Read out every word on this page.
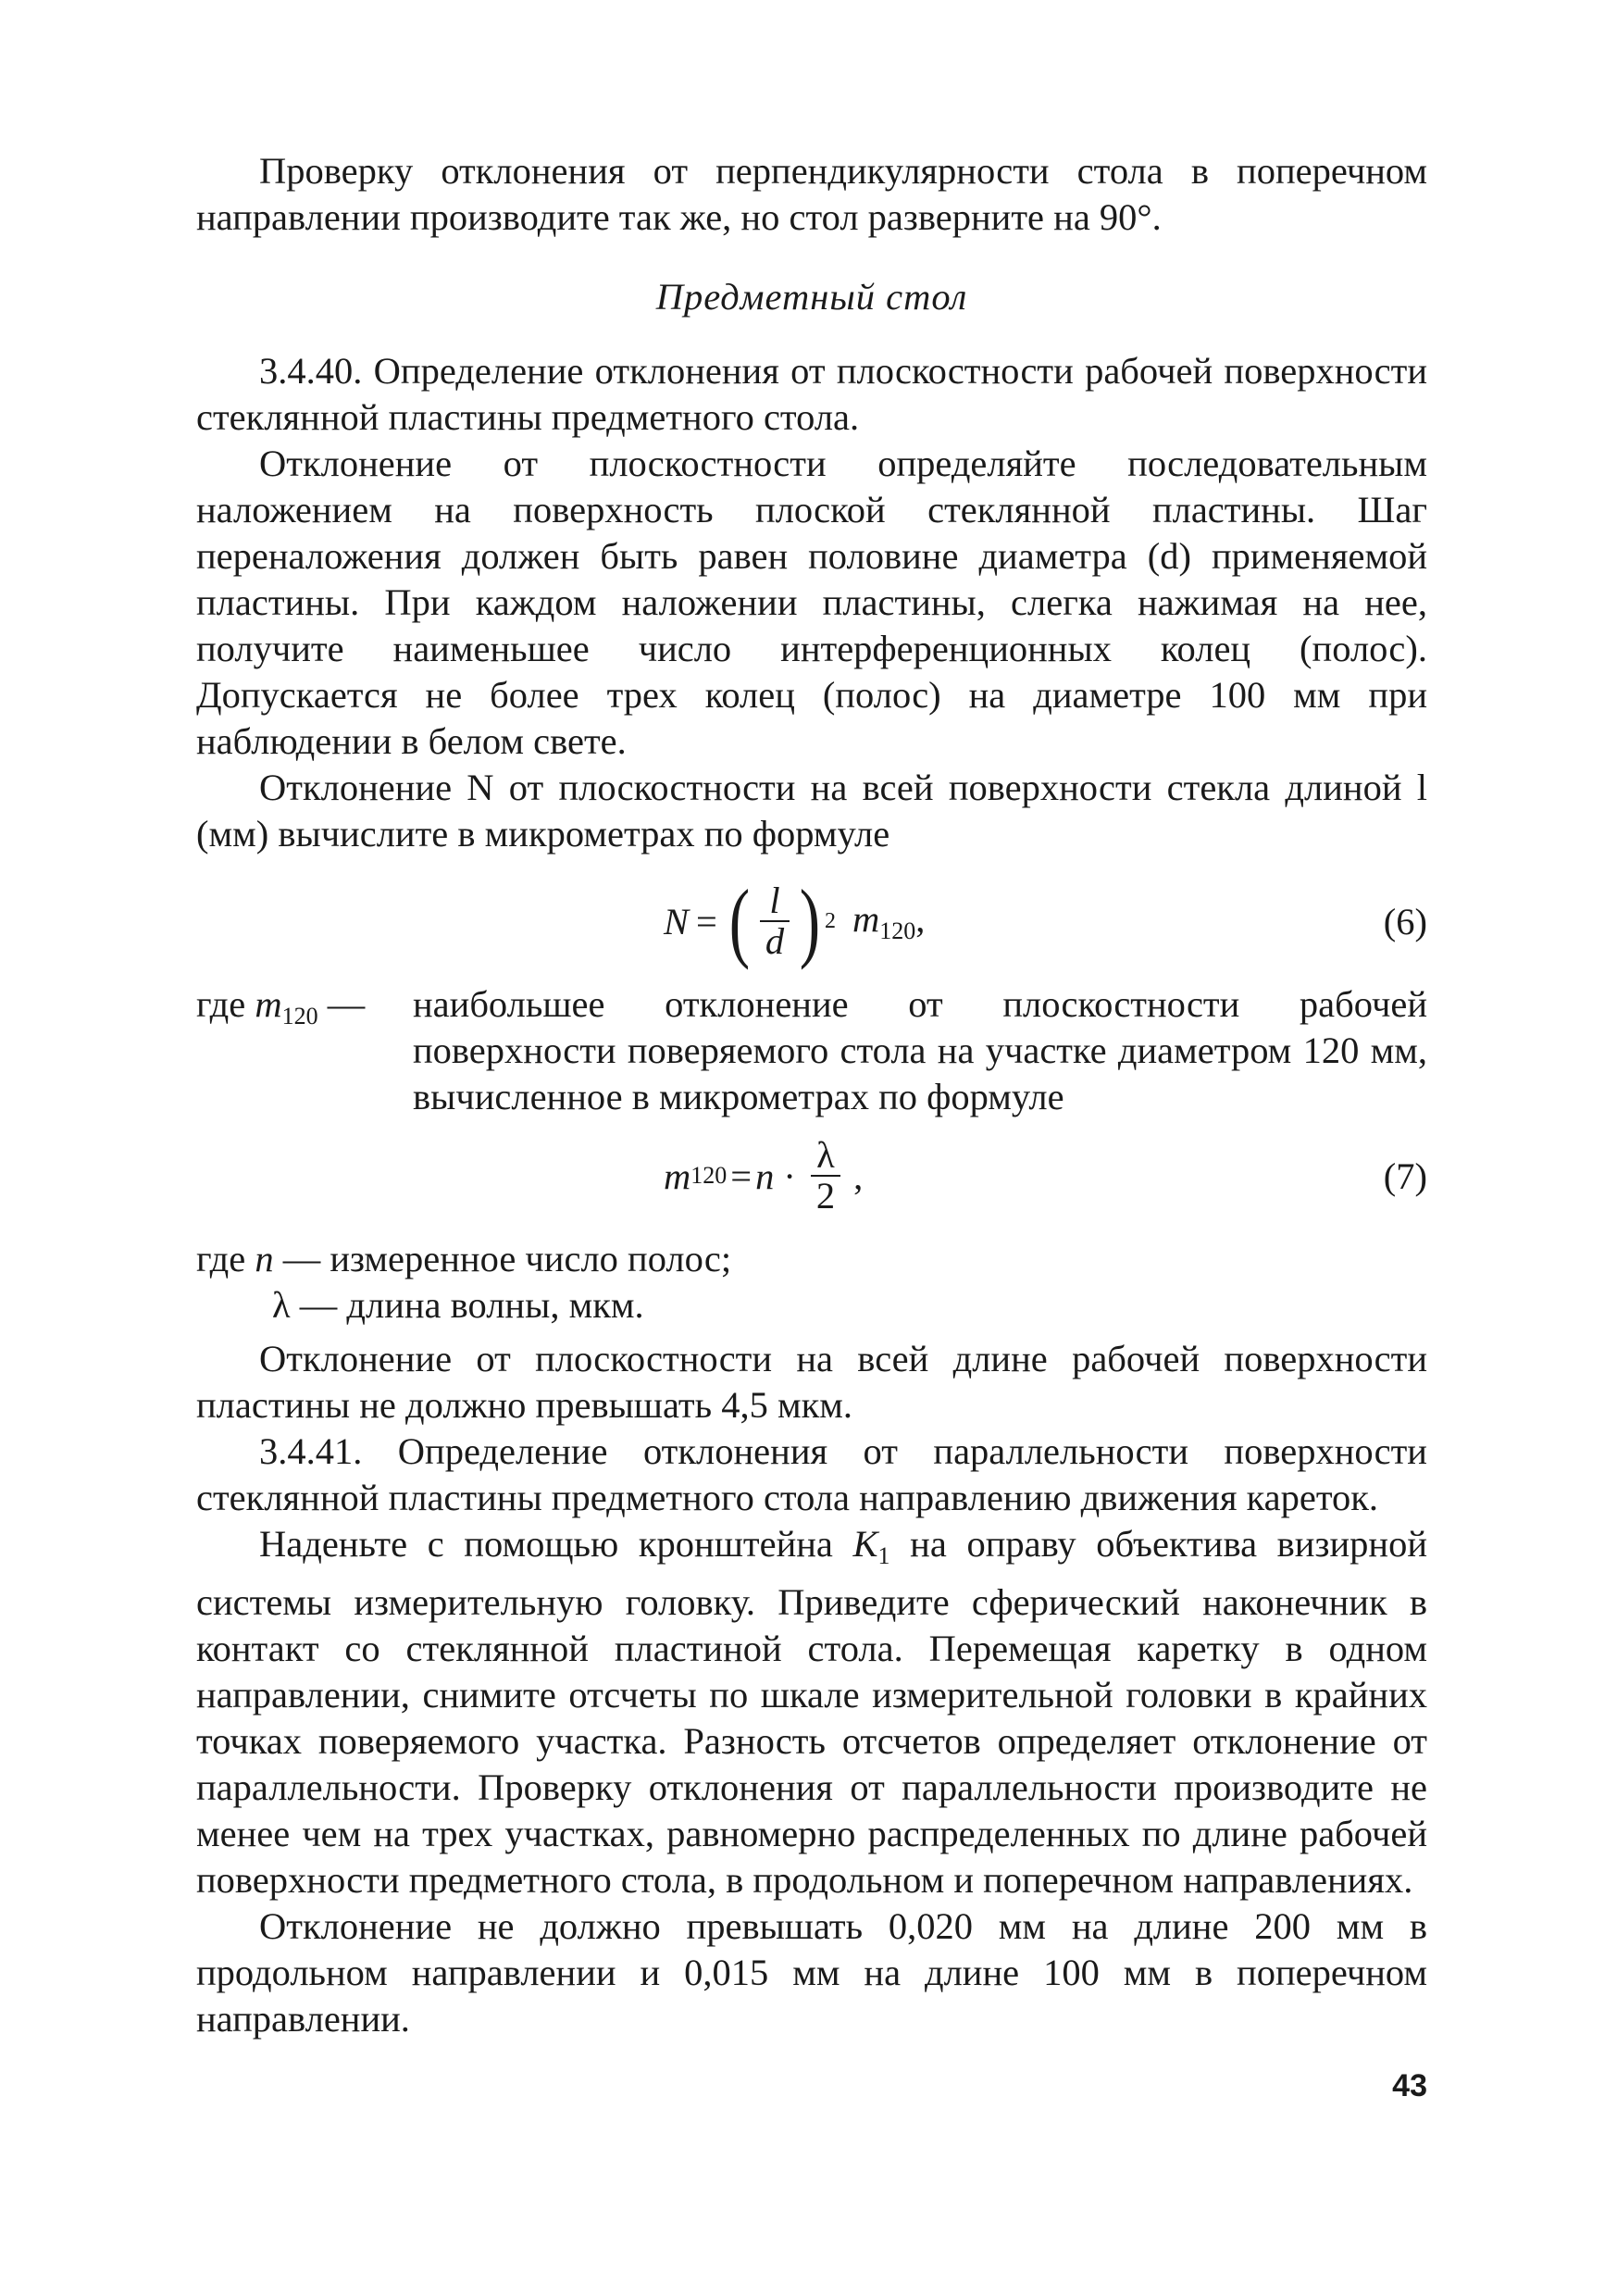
Проверку отклонения от перпендикулярности стола в поперечном направлении производите так же, но стол разверните на 90°.

Предметный стол

3.4.40. Определение отклонения от плоскостности рабочей поверхности стеклянной пластины предметного стола.

Отклонение от плоскостности определяйте последовательным наложением на поверхность плоской стеклянной пластины. Шаг переналожения должен быть равен половине диаметра (d) применяемой пластины. При каждом наложении пластины, слегка нажимая на нее, получите наименьшее число интерференционных колец (полос). Допускается не более трех колец (полос) на диаметре 100 мм при наблюдении в белом свете.

Отклонение N от плоскостности на всей поверхности стекла длиной l (мм) вычислите в микрометрах по формуле

N = ( $\frac{l}{d}$ ) 2 $m_{120}$,	(6)
где $m_{120}$ — наибольшее отклонение от плоскостности рабочей поверхности поверяемого стола на участке диаметром 120 мм, вычисленное в микрометрах по формуле
m $120 = n \cdot \frac{\lambda}{2}$ ,	(7)
где n — измеренное число полос;
λ — длина волны, мкм.

Отклонение от плоскостности на всей длине рабочей поверхности пластины не должно превышать 4,5 мкм.

3.4.41. Определение отклонения от параллельности поверхности стеклянной пластины предметного стола направлению движения кареток.

Наденьте с помощью кронштейна $K_1$ на оправу объектива визирной системы измерительную головку. Приведите сферический наконечник в контакт со стеклянной пластиной стола. Перемещая каретку в одном направлении, снимите отсчеты по шкале измерительной головки в крайних точках поверяемого участка. Разность отсчетов определяет отклонение от параллельности. Проверку отклонения от параллельности производите не менее чем на трех участках, равномерно распределенных по длине рабочей поверхности предметного стола, в продольном и поперечном направлениях.

Отклонение не должно превышать 0,020 мм на длине 200 мм в продольном направлении и 0,015 мм на длине 100 мм в поперечном направлении.

43
